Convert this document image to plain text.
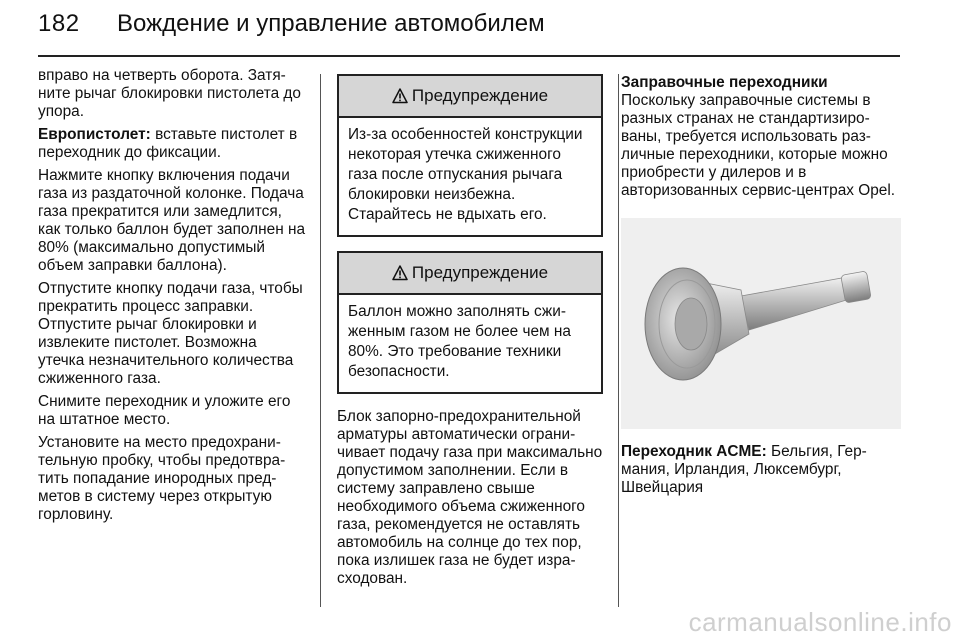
182 Вождение и управление автомобилем

вправо на четверть оборота. Затяните рычаг блокировки пистолета до упора.

Европистолет: вставьте пистолет в переходник до фиксации.

Нажмите кнопку включения подачи газа из раздаточной колонке. Подача газа прекратится или замедлится, как только баллон будет заполнен на 80% (максимально допустимый объем заправки баллона).

Отпустите кнопку подачи газа, чтобы прекратить процесс заправки. Отпустите рычаг блокировки и извлеките пистолет. Возможна утечка незначительного количества сжиженного газа.

Снимите переходник и уложите его на штатное место.

Установите на место предохранительную пробку, чтобы предотвратить попадание инородных предметов в систему через открытую горловину.

Предупреждение
Из-за особенностей конструкции некоторая утечка сжиженного газа после отпускания рычага блокировки неизбежна. Старайтесь не вдыхать его.
Предупреждение
Баллон можно заполнять сжиженным газом не более чем на 80%. Это требование техники безопасности.

Блок запорно-предохранительной арматуры автоматически ограничивает подачу газа при максимально допустимом заполнении. Если в систему заправлено свыше необходимого объема сжиженного газа, рекомендуется не оставлять автомобиль на солнце до тех пор, пока излишек газа не будет израсходован.

Заправочные переходники

Поскольку заправочные системы в разных странах не стандартизированы, требуется использовать различные переходники, которые можно приобрести у дилеров и в авторизованных сервис-центрах Opel.

Переходник ACME: Бельгия, Германия, Ирландия, Люксембург, Швейцария

carmanualsonline.info
